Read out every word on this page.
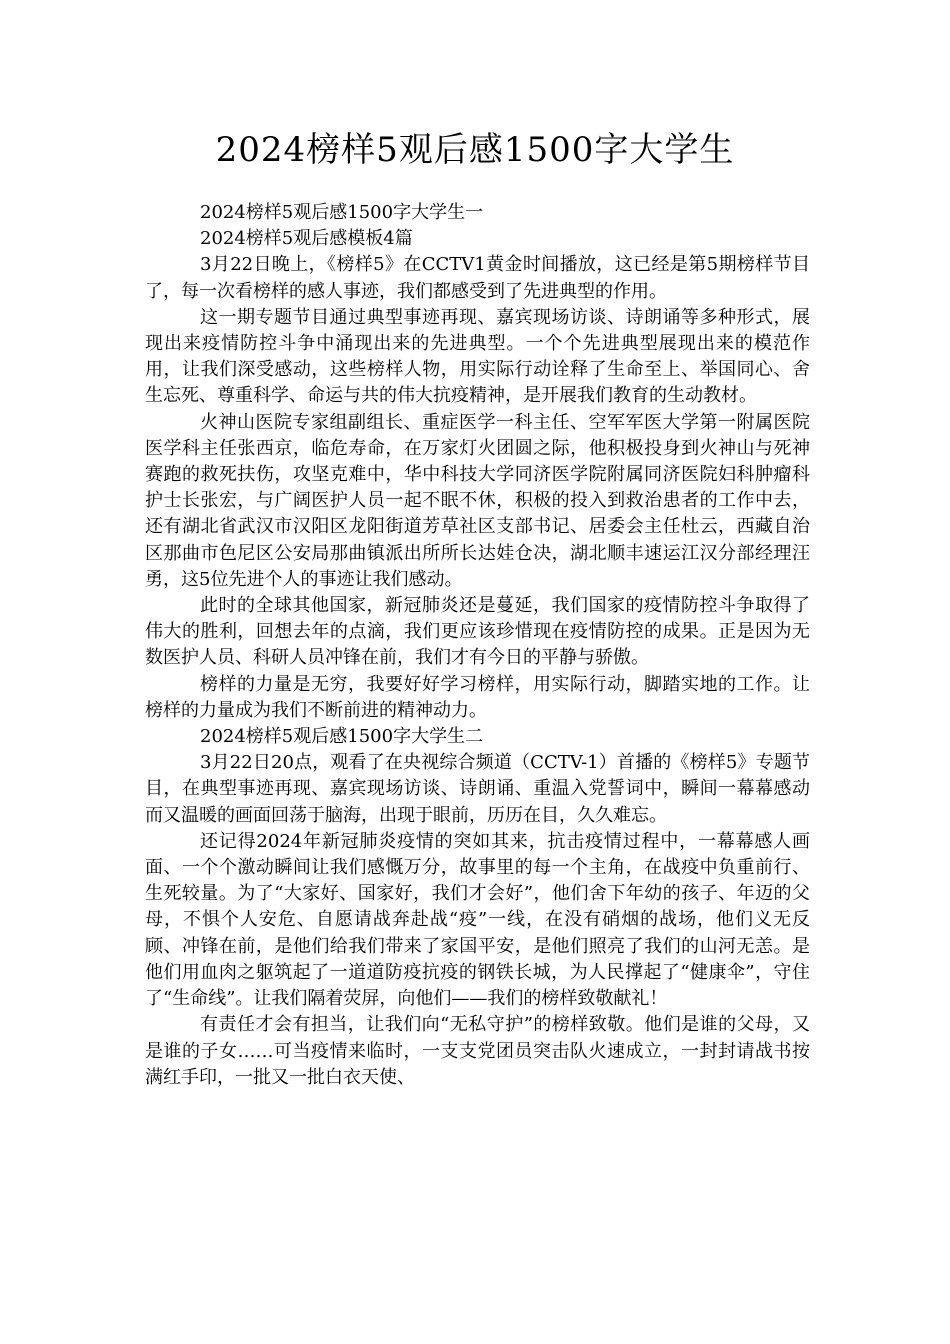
2024榜样5观后感1500字大学生

2024榜样5观后感1500字大学生一

2024榜样5观后感模板4篇

3月22日晚上，《榜样5》在CCTV1黄金时间播放，这已经是第5期榜样节目了，每一次看榜样的感人事迹，我们都感受到了先进典型的作用。

这一期专题节目通过典型事迹再现、嘉宾现场访谈、诗朗诵等多种形式，展现出来疫情防控斗争中涌现出来的先进典型。一个个先进典型展现出来的模范作用，让我们深受感动，这些榜样人物，用实际行动诠释了生命至上、举国同心、舍生忘死、尊重科学、命运与共的伟大抗疫精神，是开展我们教育的生动教材。

火神山医院专家组副组长、重症医学一科主任、空军军医大学第一附属医院医学科主任张西京，临危寿命，在万家灯火团圆之际，他积极投身到火神山与死神赛跑的救死扶伤，攻坚克难中，华中科技大学同济医学院附属同济医院妇科肿瘤科护士长张宏，与广阔医护人员一起不眠不休，积极的投入到救治患者的工作中去，还有湖北省武汉市汉阳区龙阳街道芳草社区支部书记、居委会主任杜云，西藏自治区那曲市色尼区公安局那曲镇派出所所长达娃仓决，湖北顺丰速运江汉分部经理汪勇，这5位先进个人的事迹让我们感动。

此时的全球其他国家，新冠肺炎还是蔓延，我们国家的疫情防控斗争取得了伟大的胜利，回想去年的点滴，我们更应该珍惜现在疫情防控的成果。正是因为无数医护人员、科研人员冲锋在前，我们才有今日的平静与骄傲。

榜样的力量是无穷，我要好好学习榜样，用实际行动，脚踏实地的工作。让榜样的力量成为我们不断前进的精神动力。

2024榜样5观后感1500字大学生二

3月22日20点，观看了在央视综合频道（CCTV-1）首播的《榜样5》专题节目，在典型事迹再现、嘉宾现场访谈、诗朗诵、重温入党誓词中，瞬间一幕幕感动而又温暖的画面回荡于脑海，出现于眼前，历历在目，久久难忘。

还记得2024年新冠肺炎疫情的突如其来，抗击疫情过程中，一幕幕感人画面、一个个激动瞬间让我们感慨万分，故事里的每一个主角，在战疫中负重前行、生死较量。为了“大家好、国家好，我们才会好”，他们舍下年幼的孩子、年迈的父母，不惧个人安危、自愿请战奔赴战“疫”一线，在没有硝烟的战场，他们义无反顾、冲锋在前，是他们给我们带来了家国平安，是他们照亮了我们的山河无恙。是他们用血肉之躯筑起了一道道防疫抗疫的钢铁长城，为人民撑起了“健康伞”，守住了“生命线”。让我们隔着荧屏，向他们——我们的榜样致敬献礼！

有责任才会有担当，让我们向“无私守护”的榜样致敬。他们是谁的父母，又是谁的子女……可当疫情来临时，一支支党团员突击队火速成立，一封封请战书按满红手印，一批又一批白衣天使、
